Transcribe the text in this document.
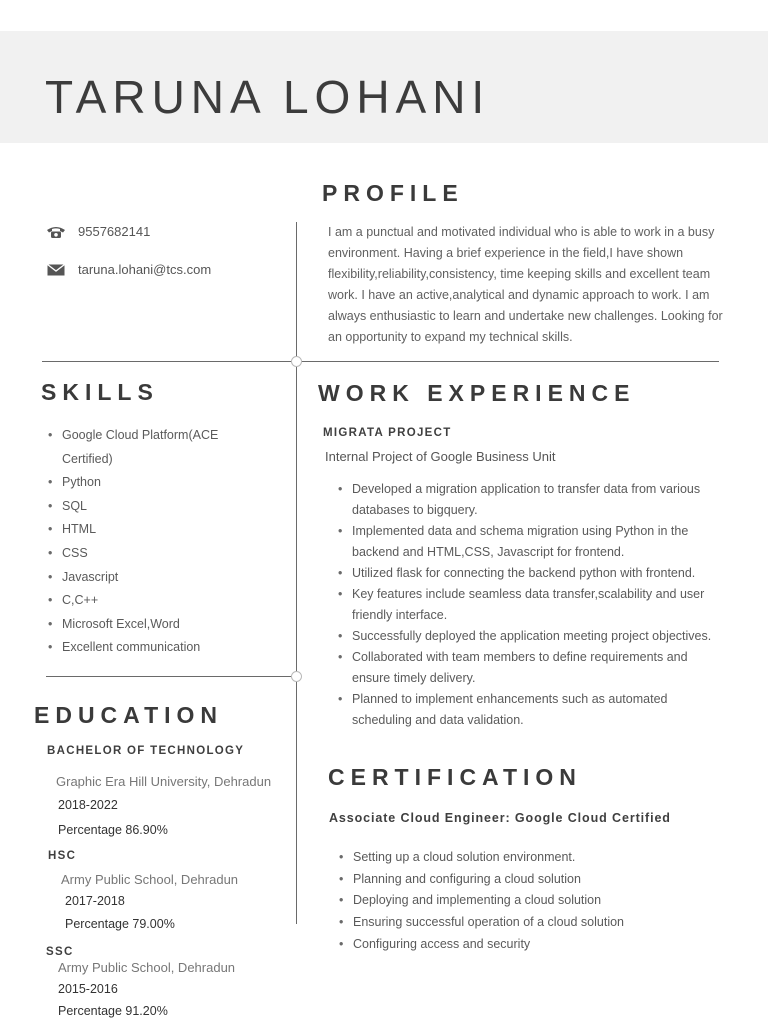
TARUNA LOHANI
PROFILE
9557682141
taruna.lohani@tcs.com

I am a punctual and motivated individual who is able to work in a busy environment. Having a brief experience in the field,I have shown flexibility,reliability,consistency, time keeping skills and excellent team work. I have an active,analytical and dynamic approach to work. I am always enthusiastic to learn and undertake new challenges. Looking for an opportunity to expand my technical skills.

SKILLS
• Google Cloud Platform(ACE Certified)
• Python
• SQL
• HTML
• CSS
• Javascript
• C,C++
• Microsoft Excel,Word
• Excellent communication
WORK EXPERIENCE
MIGRATA PROJECT
Internal Project of Google Business Unit
• Developed a migration application to transfer data from various databases to bigquery.
• Implemented data and schema migration using Python in the backend and HTML,CSS, Javascript for frontend.
• Utilized flask for connecting the backend python with frontend.
• Key features include seamless data transfer,scalability and user friendly interface.
• Successfully deployed the application meeting project objectives.
• Collaborated with team members to define requirements and ensure timely delivery.
• Planned to implement enhancements such as automated scheduling and data validation.
EDUCATION
BACHELOR OF TECHNOLOGY
Graphic Era Hill University, Dehradun
2018-2022
Percentage 86.90%
HSC
Army Public School, Dehradun
2017-2018
Percentage 79.00%
SSC
Army Public School, Dehradun
2015-2016
Percentage 91.20%
CERTIFICATION
Associate Cloud Engineer: Google Cloud Certified
• Setting up a cloud solution environment.
• Planning and configuring a cloud solution
• Deploying and implementing a cloud solution
• Ensuring successful operation of a cloud solution
• Configuring access and security
